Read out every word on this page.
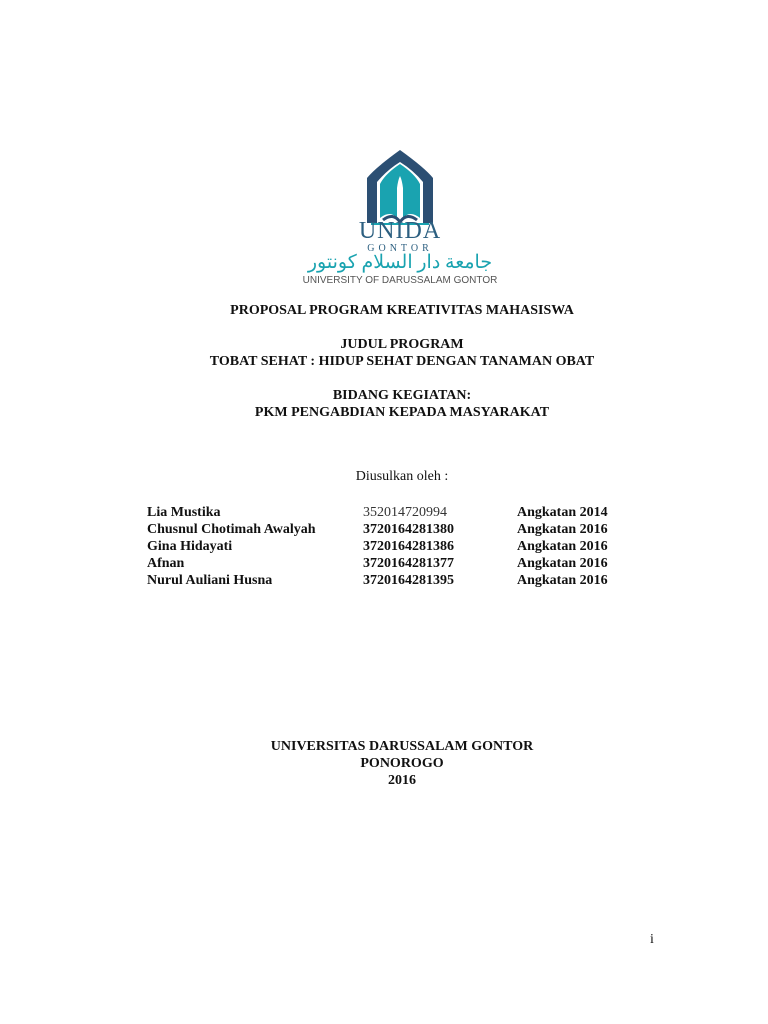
UNIDA
GONTOR
جامعة دار السلام كونتور
UNIVERSITY OF DARUSSALAM GONTOR
PROPOSAL PROGRAM KREATIVITAS MAHASISWA
JUDUL PROGRAM
TOBAT SEHAT : HIDUP SEHAT DENGAN TANAMAN OBAT
BIDANG KEGIATAN:
PKM PENGABDIAN KEPADA MASYARAKAT
Diusulkan oleh :
Lia Mustika	352014720994	Angkatan 2014
Chusnul Chotimah Awalyah	3720164281380	Angkatan 2016
Gina Hidayati	3720164281386	Angkatan 2016
Afnan	3720164281377	Angkatan 2016
Nurul Auliani Husna	3720164281395	Angkatan 2016
UNIVERSITAS DARUSSALAM GONTOR
PONOROGO
2016
i
